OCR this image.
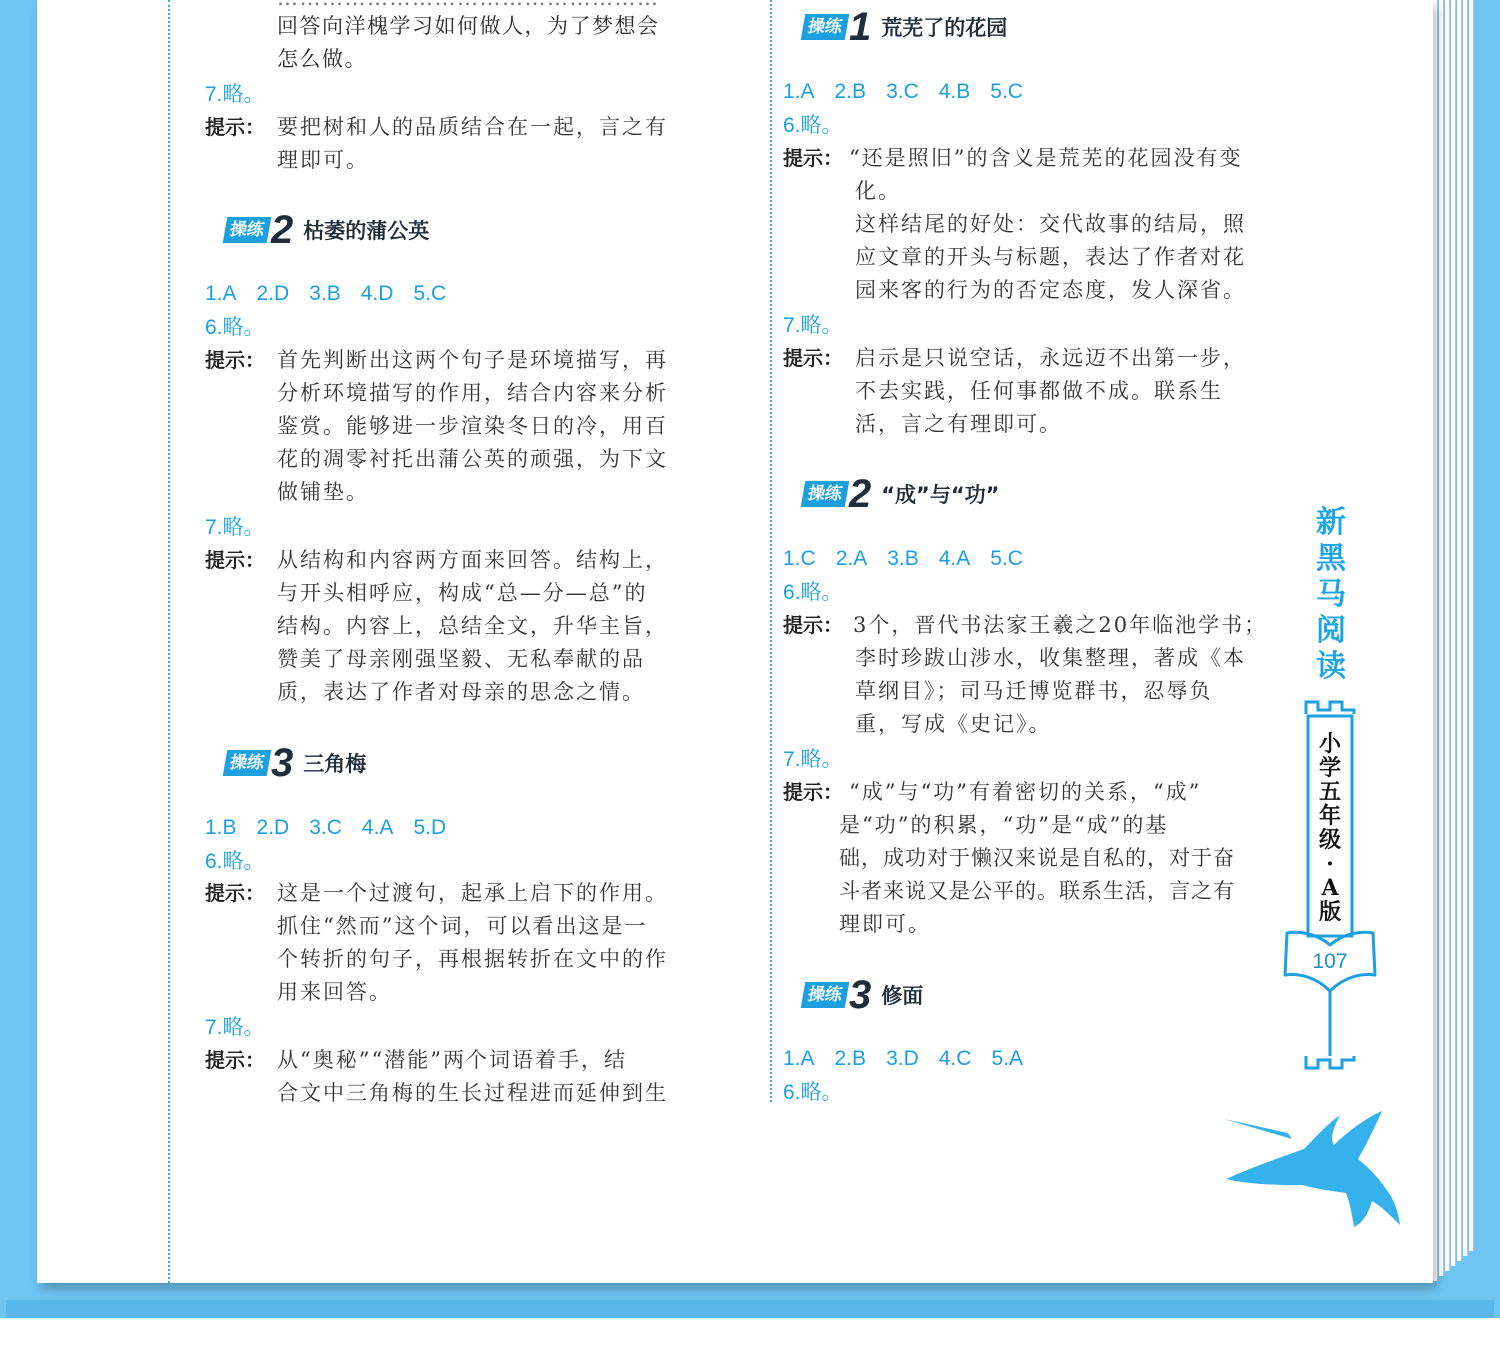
回答向洋槐学习如何做人，为了梦想会
怎么做。
7.略。
提示： 要把树和人的品质结合在一起，言之有
理即可。
操练 2 枯萎的蒲公英
1.A 2.D 3.B 4.D 5.C
6.略。
提示： 首先判断出这两个句子是环境描写，再
分析环境描写的作用，结合内容来分析
鉴赏。能够进一步渲染冬日的冷，用百
花的凋零衬托出蒲公英的顽强，为下文
做铺垫。
7.略。
提示： 从结构和内容两方面来回答。结构上，
与开头相呼应，构成“总—分—总”的
结构。内容上，总结全文，升华主旨，
赞美了母亲刚强坚毅、无私奉献的品
质，表达了作者对母亲的思念之情。
操练 3 三角梅
1.B 2.D 3.C 4.A 5.D
6.略。
提示： 这是一个过渡句，起承上启下的作用。
抓住“然而”这个词，可以看出这是一
个转折的句子，再根据转折在文中的作
用来回答。
7.略。
提示： 从“奥秘”“潜能”两个词语着手，结
合文中三角梅的生长过程进而延伸到生
操练 1 荒芜了的花园
1.A 2.B 3.C 4.B 5.C
6.略。
提示： “还是照旧”的含义是荒芜的花园没有变
化。
这样结尾的好处：交代故事的结局，照
应文章的开头与标题，表达了作者对花
园来客的行为的否定态度，发人深省。
7.略。
提示： 启示是只说空话，永远迈不出第一步，
不去实践，任何事都做不成。联系生
活，言之有理即可。
操练 2 “成”与“功”
1.C 2.A 3.B 4.A 5.C
6.略。
提示： 3个，晋代书法家王羲之20年临池学书；
李时珍跋山涉水，收集整理，著成《本
草纲目》；司马迁博览群书，忍辱负
重，写成《史记》。
7.略。
提示： “成”与“功”有着密切的关系，“成”
是“功”的积累，“功”是“成”的基
础，成功对于懒汉来说是自私的，对于奋
斗者来说又是公平的。联系生活，言之有
理即可。
操练 3 修面
1.A 2.B 3.D 4.C 5.A
6.略。
新
黑
马
阅
读
小
学
五
年
级
·
A
版
107
